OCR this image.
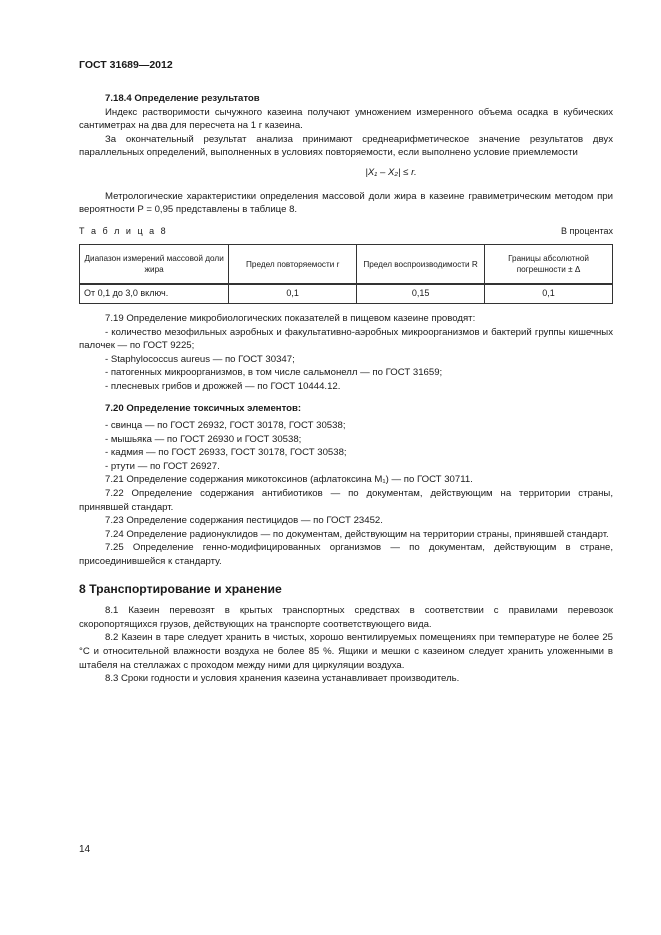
ГОСТ 31689—2012

7.18.4 Определение результатов

Индекс растворимости сычужного казеина получают умножением измеренного объема осадка в кубических сантиметрах на два для пересчета на 1 г казеина.

За окончательный результат анализа принимают среднеарифметическое значение результатов двух параллельных определений, выполненных в условиях повторяемости, если выполнено условие приемлемости

|X₁ – X₂| ≤ r.

Метрологические характеристики определения массовой доли жира в казеине гравиметрическим методом при вероятности P = 0,95 представлены в таблице 8.

Т а б л и ц а 8	В процентах
Диапазон измерений массовой доли жира	Предел повторяемости r	Предел воспроизводимости R	Границы абсолютной погрешности ± Δ
От 0,1 до 3,0 включ.	0,1	0,15	0,1

7.19 Определение микробиологических показателей в пищевом казеине проводят:

- количество мезофильных аэробных и факультативно-аэробных микроорганизмов и бактерий группы кишечных палочек — по ГОСТ 9225;

- Staphylococcus aureus — по ГОСТ 30347;

- патогенных микроорганизмов, в том числе сальмонелл — по ГОСТ 31659;

- плесневых грибов и дрожжей — по ГОСТ 10444.12.

7.20 Определение токсичных элементов:

- свинца — по ГОСТ 26932, ГОСТ 30178, ГОСТ 30538;

- мышьяка — по ГОСТ 26930 и ГОСТ 30538;

- кадмия — по ГОСТ 26933, ГОСТ 30178, ГОСТ 30538;

- ртути — по ГОСТ 26927.

7.21 Определение содержания микотоксинов (афлатоксина M₁) — по ГОСТ 30711.

7.22 Определение содержания антибиотиков — по документам, действующим на территории страны, принявшей стандарт.

7.23 Определение содержания пестицидов — по ГОСТ 23452.

7.24 Определение радионуклидов — по документам, действующим на территории страны, принявшей стандарт.

7.25 Определение генно-модифицированных организмов — по документам, действующим в стране, присоединившейся к стандарту.

8 Транспортирование и хранение

8.1 Казеин перевозят в крытых транспортных средствах в соответствии с правилами перевозок скоропортящихся грузов, действующих на транспорте соответствующего вида.

8.2 Казеин в таре следует хранить в чистых, хорошо вентилируемых помещениях при температуре не более 25 °С и относительной влажности воздуха не более 85 %. Ящики и мешки с казеином следует хранить уложенными в штабеля на стеллажах с проходом между ними для циркуляции воздуха.

8.3 Сроки годности и условия хранения казеина устанавливает производитель.

14
